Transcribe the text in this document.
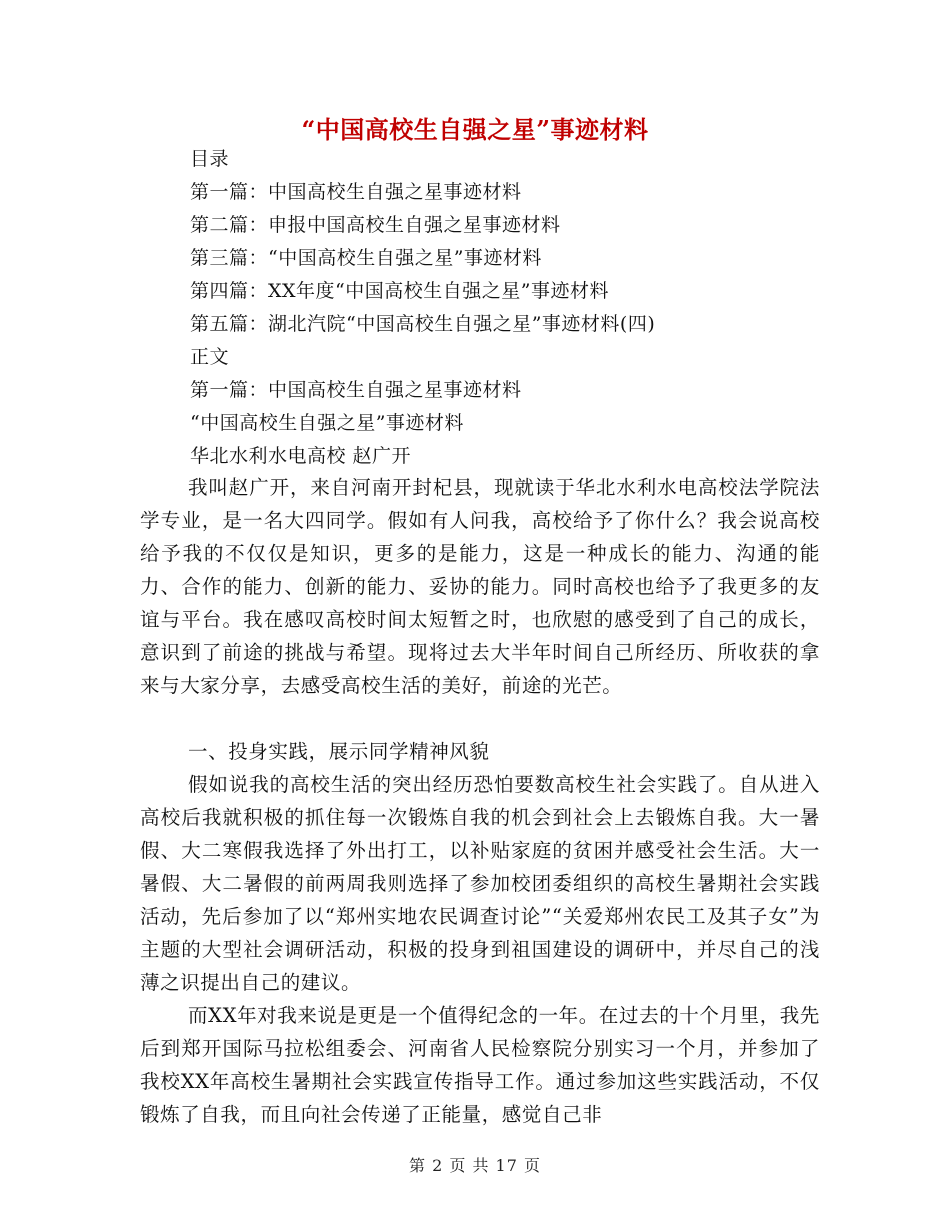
“中国高校生自强之星”事迹材料
目录
第一篇：中国高校生自强之星事迹材料
第二篇：申报中国高校生自强之星事迹材料
第三篇：“中国高校生自强之星”事迹材料
第四篇：XX年度“中国高校生自强之星”事迹材料
第五篇：湖北汽院“中国高校生自强之星”事迹材料(四)
正文
第一篇：中国高校生自强之星事迹材料
“中国高校生自强之星”事迹材料
华北水利水电高校 赵广开

我叫赵广开，来自河南开封杞县，现就读于华北水利水电高校法学院法学专业，是一名大四同学。假如有人问我，高校给予了你什么？我会说高校给予我的不仅仅是知识，更多的是能力，这是一种成长的能力、沟通的能力、合作的能力、创新的能力、妥协的能力。同时高校也给予了我更多的友谊与平台。我在感叹高校时间太短暂之时，也欣慰的感受到了自己的成长，意识到了前途的挑战与希望。现将过去大半年时间自己所经历、所收获的拿来与大家分享，去感受高校生活的美好，前途的光芒。

一、投身实践，展示同学精神风貌

假如说我的高校生活的突出经历恐怕要数高校生社会实践了。自从进入高校后我就积极的抓住每一次锻炼自我的机会到社会上去锻炼自我。大一暑假、大二寒假我选择了外出打工，以补贴家庭的贫困并感受社会生活。大一暑假、大二暑假的前两周我则选择了参加校团委组织的高校生暑期社会实践活动，先后参加了以“郑州实地农民调查讨论”“关爱郑州农民工及其子女”为主题的大型社会调研活动，积极的投身到祖国建设的调研中，并尽自己的浅薄之识提出自己的建议。

而XX年对我来说是更是一个值得纪念的一年。在过去的十个月里，我先后到郑开国际马拉松组委会、河南省人民检察院分别实习一个月，并参加了我校XX年高校生暑期社会实践宣传指导工作。通过参加这些实践活动，不仅锻炼了自我，而且向社会传递了正能量，感觉自己非

第 2 页 共 17 页
